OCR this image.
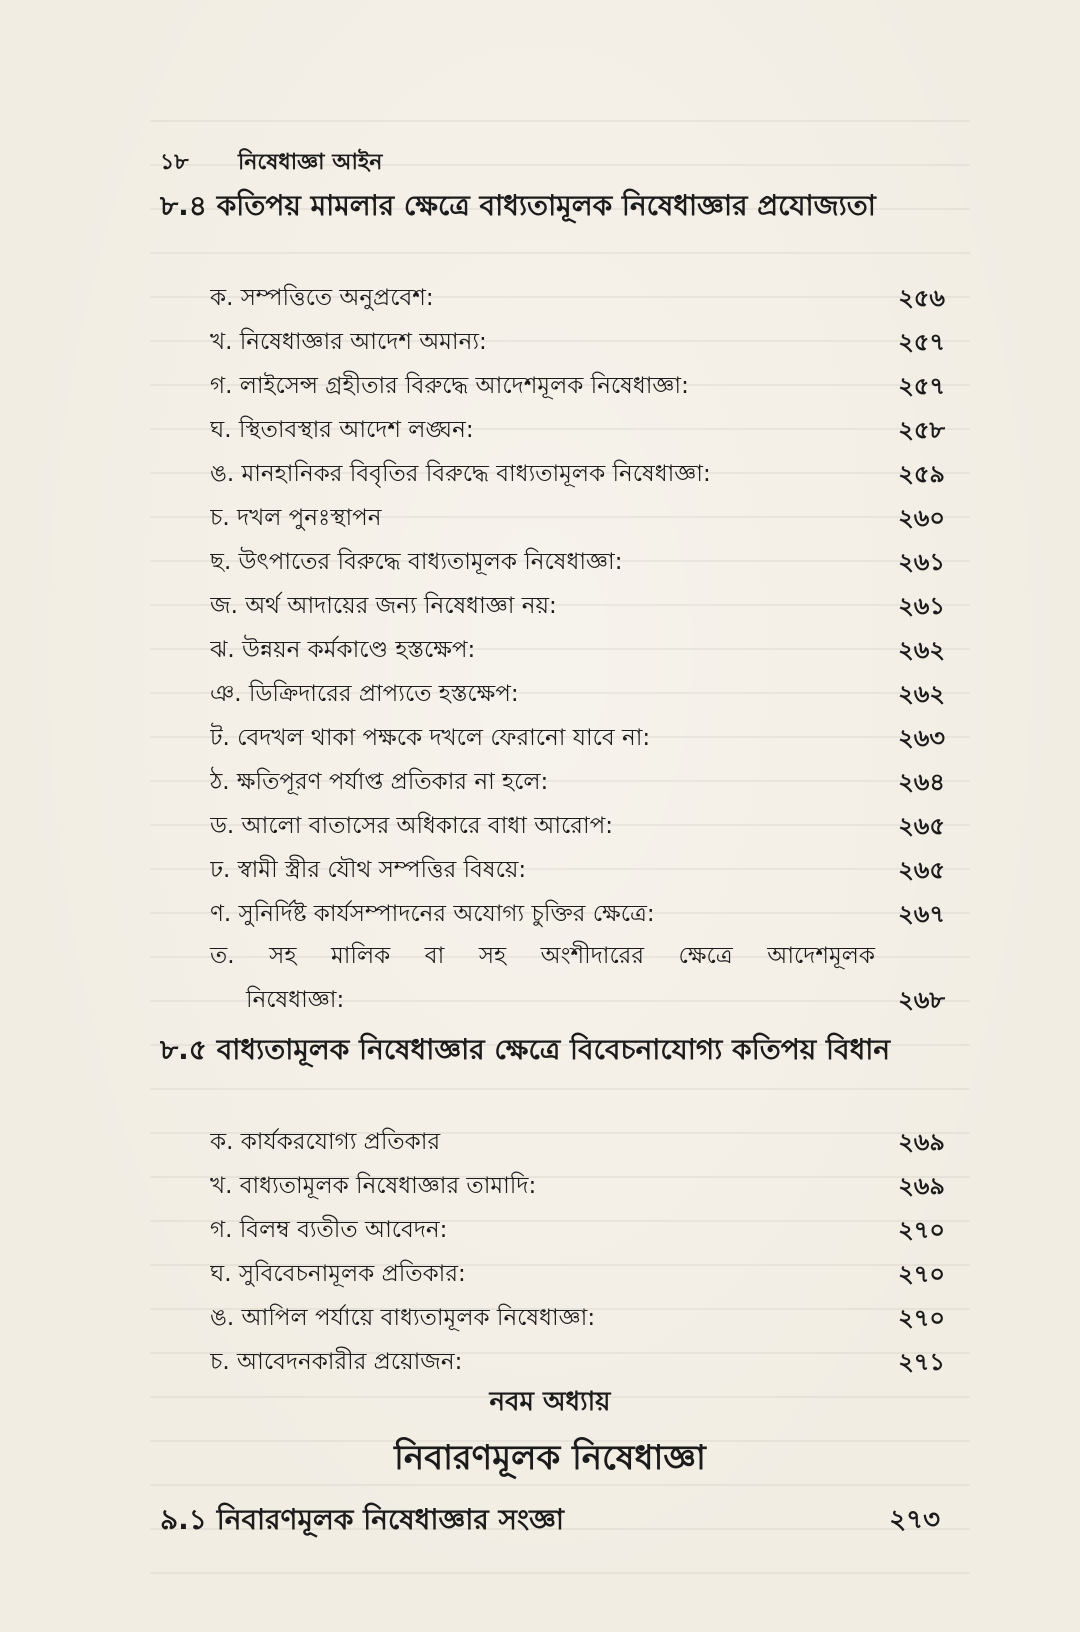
১৮	নিষেধাজ্ঞা আইন
৮.৪ কতিপয় মামলার ক্ষেত্রে বাধ্যতামূলক নিষেধাজ্ঞার প্রযোজ্যতা
ক. সম্পত্তিতে অনুপ্রবেশ:	২৫৬
খ. নিষেধাজ্ঞার আদেশ অমান্য:	২৫৭
গ. লাইসেন্স গ্রহীতার বিরুদ্ধে আদেশমূলক নিষেধাজ্ঞা:	২৫৭
ঘ. স্থিতাবস্থার আদেশ লঙ্ঘন:	২৫৮
ঙ. মানহানিকর বিবৃতির বিরুদ্ধে বাধ্যতামূলক নিষেধাজ্ঞা:	২৫৯
চ. দখল পুনঃস্থাপন	২৬০
ছ. উৎপাতের বিরুদ্ধে বাধ্যতামূলক নিষেধাজ্ঞা:	২৬১
জ. অর্থ আদায়ের জন্য নিষেধাজ্ঞা নয়:	২৬১
ঝ. উন্নয়ন কর্মকাণ্ডে হস্তক্ষেপ:	২৬২
ঞ. ডিক্রিদারের প্রাপ্যতে হস্তক্ষেপ:	২৬২
ট. বেদখল থাকা পক্ষকে দখলে ফেরানো যাবে না:	২৬৩
ঠ. ক্ষতিপূরণ পর্যাপ্ত প্রতিকার না হলে:	২৬৪
ড. আলো বাতাসের অধিকারে বাধা আরোপ:	২৬৫
ঢ. স্বামী স্ত্রীর যৌথ সম্পত্তির বিষয়ে:	২৬৫
ণ. সুনির্দিষ্ট কার্যসম্পাদনের অযোগ্য চুক্তির ক্ষেত্রে:	২৬৭
ত. সহ মালিক বা সহ অংশীদারের ক্ষেত্রে আদেশমূলক
নিষেধাজ্ঞা:	২৬৮
৮.৫ বাধ্যতামূলক নিষেধাজ্ঞার ক্ষেত্রে বিবেচনাযোগ্য কতিপয় বিধান
ক. কার্যকরযোগ্য প্রতিকার	২৬৯
খ. বাধ্যতামূলক নিষেধাজ্ঞার তামাদি:	২৬৯
গ. বিলম্ব ব্যতীত আবেদন:	২৭০
ঘ. সুবিবেচনামূলক প্রতিকার:	২৭০
ঙ. আপিল পর্যায়ে বাধ্যতামূলক নিষেধাজ্ঞা:	২৭০
চ. আবেদনকারীর প্রয়োজন:	২৭১
নবম অধ্যায়
নিবারণমূলক নিষেধাজ্ঞা
৯.১ নিবারণমূলক নিষেধাজ্ঞার সংজ্ঞা	২৭৩
